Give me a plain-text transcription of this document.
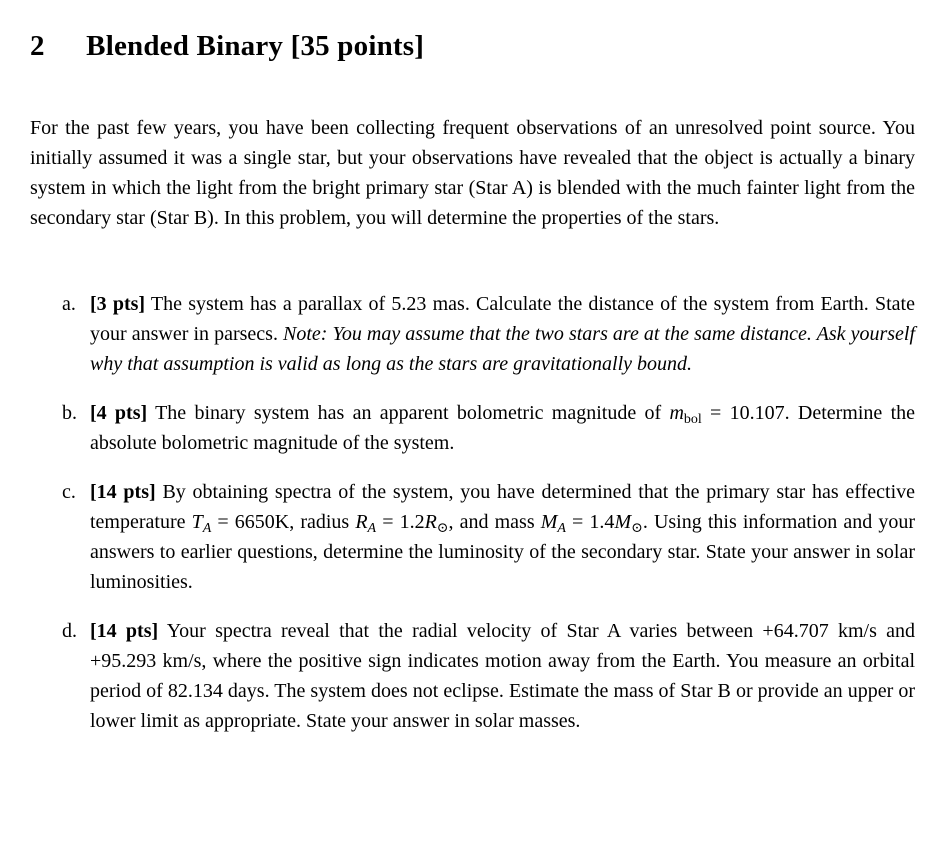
2 Blended Binary [35 points]

For the past few years, you have been collecting frequent observations of an unresolved point source. You initially assumed it was a single star, but your observations have revealed that the object is actually a binary system in which the light from the bright primary star (Star A) is blended with the much fainter light from the secondary star (Star B). In this problem, you will determine the properties of the stars.

a. [3 pts] The system has a parallax of 5.23 mas. Calculate the distance of the system from Earth. State your answer in parsecs. Note: You may assume that the two stars are at the same distance. Ask yourself why that assumption is valid as long as the stars are gravitationally bound.
b. [4 pts] The binary system has an apparent bolometric magnitude of $m_{bol} = 10.107$. Determine the absolute bolometric magnitude of the system.
c. [14 pts] By obtaining spectra of the system, you have determined that the primary star has effective temperature $T_A = 6650K$, radius $R_A = 1.2R_⊙$, and mass $M_A = 1.4M_⊙$. Using this information and your answers to earlier questions, determine the luminosity of the secondary star. State your answer in solar luminosities.
d. [14 pts] Your spectra reveal that the radial velocity of Star A varies between +64.707 km/s and +95.293 km/s, where the positive sign indicates motion away from the Earth. You measure an orbital period of 82.134 days. The system does not eclipse. Estimate the mass of Star B or provide an upper or lower limit as appropriate. State your answer in solar masses.
